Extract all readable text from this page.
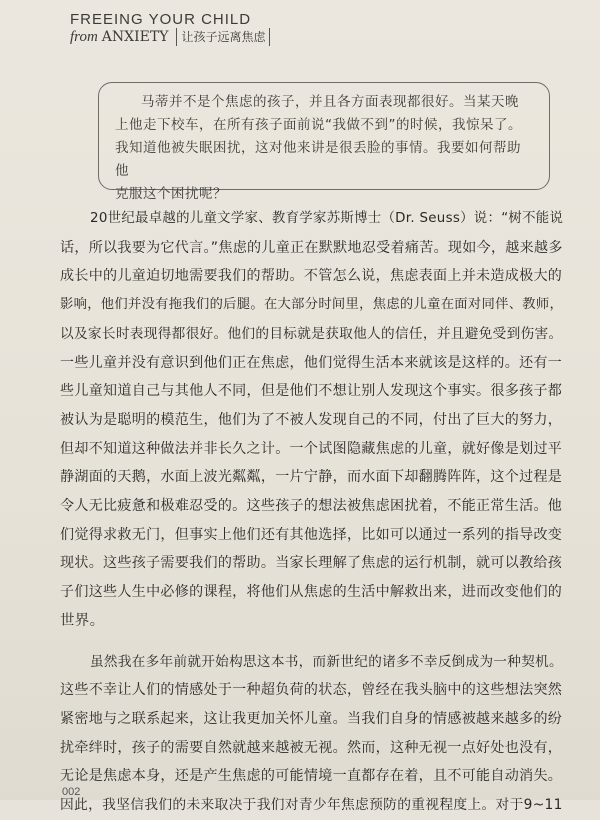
FREEING YOUR CHILD
from ANXIETY	让孩子远离焦虑

马蒂并不是个焦虑的孩子，并且各方面表现都很好。当某天晚
上他走下校车，在所有孩子面前说“我做不到”的时候，我惊呆了。
我知道他被失眠困扰，这对他来讲是很丢脸的事情。我要如何帮助他
克服这个困扰呢？

20世纪最卓越的儿童文学家、教育学家苏斯博士（Dr. Seuss）说：“树不能说
话，所以我要为它代言。”焦虑的儿童正在默默地忍受着痛苦。现如今，越来越多
成长中的儿童迫切地需要我们的帮助。不管怎么说，焦虑表面上并未造成极大的
影响，他们并没有拖我们的后腿。在大部分时间里，焦虑的儿童在面对同伴、教师，
以及家长时表现得都很好。他们的目标就是获取他人的信任，并且避免受到伤害。
一些儿童并没有意识到他们正在焦虑，他们觉得生活本来就该是这样的。还有一
些儿童知道自己与其他人不同，但是他们不想让别人发现这个事实。很多孩子都
被认为是聪明的模范生，他们为了不被人发现自己的不同，付出了巨大的努力，
但却不知道这种做法并非长久之计。一个试图隐藏焦虑的儿童，就好像是划过平
静湖面的天鹅，水面上波光粼粼，一片宁静，而水面下却翻腾阵阵，这个过程是
令人无比疲惫和极难忍受的。这些孩子的想法被焦虑困扰着，不能正常生活。他
们觉得求救无门，但事实上他们还有其他选择，比如可以通过一系列的指导改变
现状。这些孩子需要我们的帮助。当家长理解了焦虑的运行机制，就可以教给孩
子们这些人生中必修的课程，将他们从焦虑的生活中解救出来，进而改变他们的
世界。

虽然我在多年前就开始构思这本书，而新世纪的诸多不幸反倒成为一种契机。
这些不幸让人们的情感处于一种超负荷的状态，曾经在我头脑中的这些想法突然
紧密地与之联系起来，这让我更加关怀儿童。当我们自身的情感被越来越多的纷
扰牵绊时，孩子的需要自然就越来越被无视。然而，这种无视一点好处也没有，
无论是焦虑本身，还是产生焦虑的可能情境一直都存在着，且不可能自动消失。
因此，我坚信我们的未来取决于我们对青少年焦虑预防的重视程度上。对于9~11

002
